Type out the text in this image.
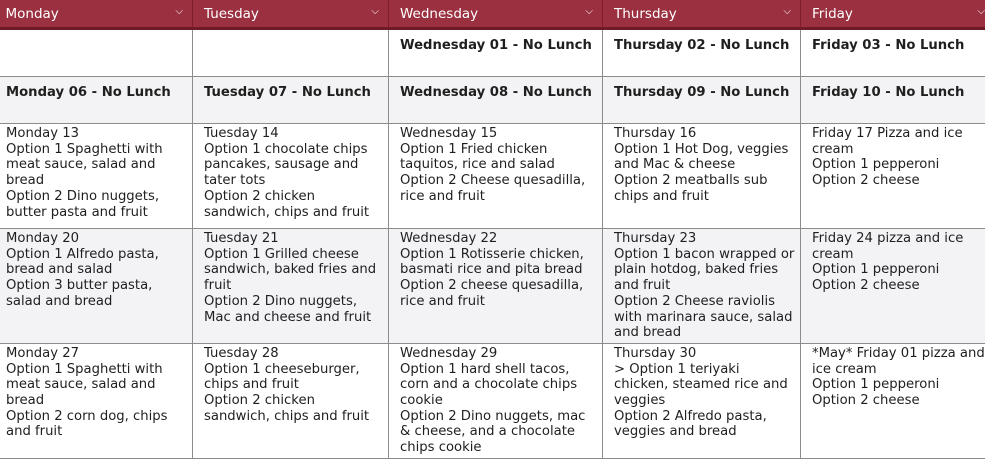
Monday ⌵	Tuesday ⌵	Wednesday ⌵	Thursday ⌵	Friday ⌵

		Wednesday 01 - No Lunch	Thursday 02 - No Lunch	Friday 03 - No Lunch

Monday 06 - No Lunch	Tuesday 07 - No Lunch	Wednesday 08 - No Lunch	Thursday 09 - No Lunch	Friday 10 - No Lunch

Monday 13
Option 1 Spaghetti with meat sauce, salad and bread
Option 2 Dino nuggets, butter pasta and fruit	Tuesday 14
Option 1 chocolate chips pancakes, sausage and tater tots
Option 2 chicken sandwich, chips and fruit	Wednesday 15
Option 1 Fried chicken taquitos, rice and salad
Option 2 Cheese quesadilla, rice and fruit	Thursday 16
Option 1 Hot Dog, veggies and Mac & cheese
Option 2 meatballs sub chips and fruit	Friday 17 Pizza and ice cream
Option 1 pepperoni
Option 2 cheese

Monday 20
Option 1 Alfredo pasta, bread and salad
Option 3 butter pasta, salad and bread	Tuesday 21
Option 1 Grilled cheese sandwich, baked fries and fruit
Option 2 Dino nuggets, Mac and cheese and fruit	Wednesday 22
Option 1 Rotisserie chicken, basmati rice and pita bread
Option 2 cheese quesadilla, rice and fruit	Thursday 23
Option 1 bacon wrapped or plain hotdog, baked fries and fruit
Option 2 Cheese raviolis with marinara sauce, salad and bread	Friday 24 pizza and ice cream
Option 1 pepperoni
Option 2 cheese

Monday 27
Option 1 Spaghetti with meat sauce, salad and bread
Option 2 corn dog, chips and fruit	Tuesday 28
Option 1 cheeseburger, chips and fruit
Option 2 chicken sandwich, chips and fruit	Wednesday 29
Option 1 hard shell tacos, corn and a chocolate chips cookie
Option 2 Dino nuggets, mac & cheese, and a chocolate chips cookie	Thursday 30
> Option 1 teriyaki chicken, steamed rice and veggies
Option 2 Alfredo pasta, veggies and bread	*May* Friday 01 pizza and ice cream
Option 1 pepperoni
Option 2 cheese
